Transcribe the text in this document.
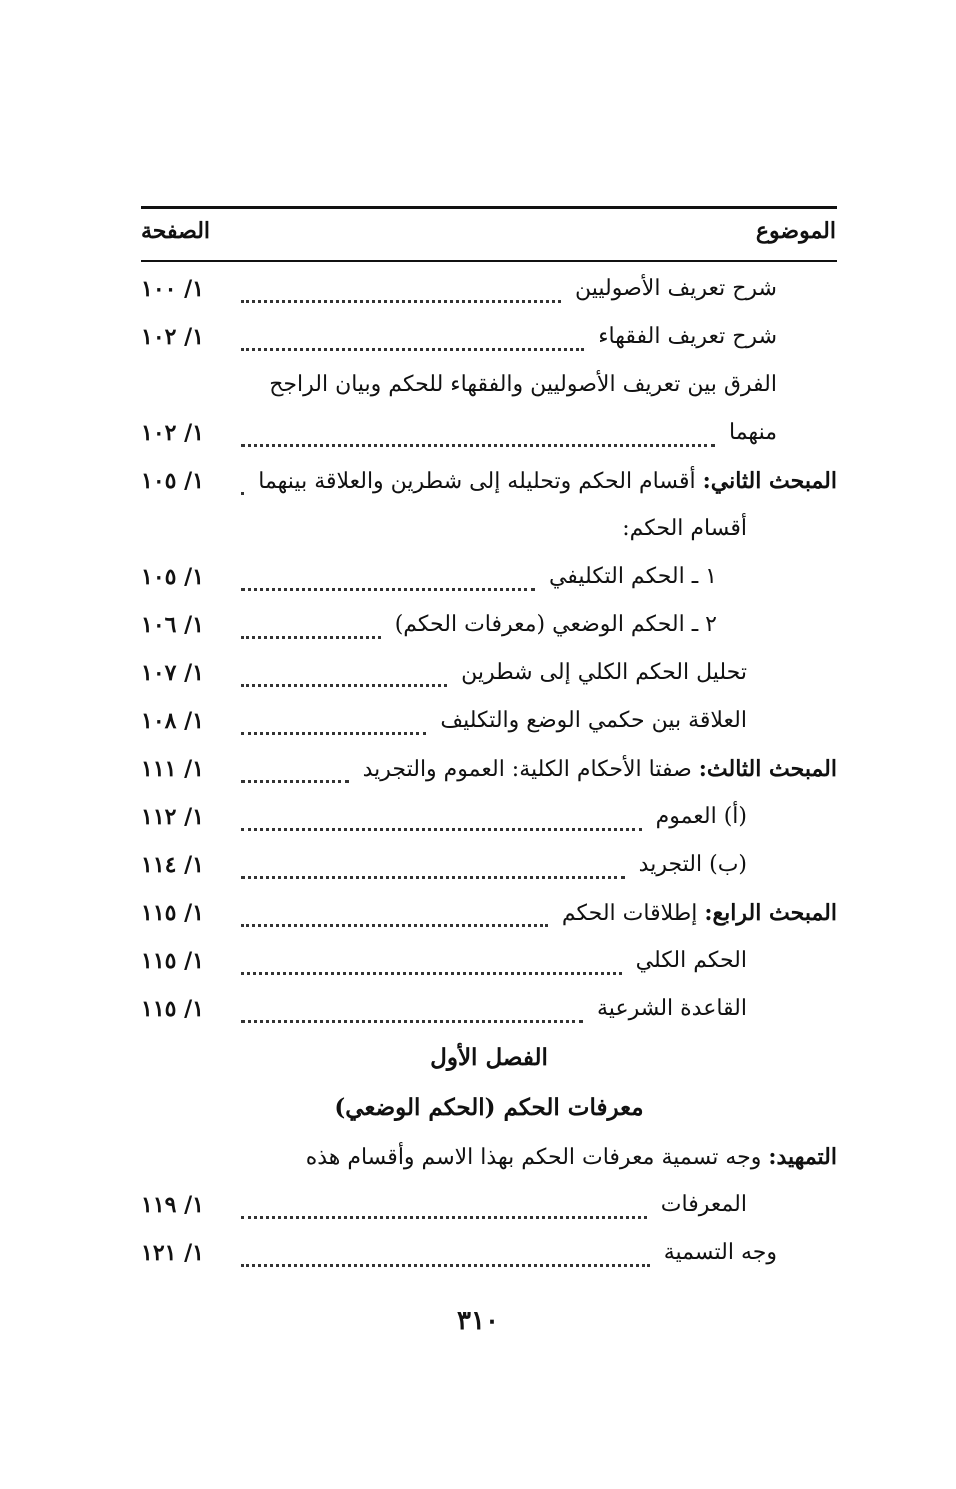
الموضوع
الصفحة
شرح تعريف الأصوليين
١/ ١٠٠
شرح تعريف الفقهاء
١/ ١٠٢
الفرق بين تعريف الأصوليين والفقهاء للحكم وبيان الراجح
منهما
١/ ١٠٢
المبحث الثاني: أقسام الحكم وتحليله إلى شطرين والعلاقة بينهما
١/ ١٠٥
أقسام الحكم:
١ ـ الحكم التكليفي
١/ ١٠٥
٢ ـ الحكم الوضعي (معرفات الحكم)
١/ ١٠٦
تحليل الحكم الكلي إلى شطرين
١/ ١٠٧
العلاقة بين حكمي الوضع والتكليف
١/ ١٠٨
المبحث الثالث: صفتا الأحكام الكلية: العموم والتجريد
١/ ١١١
(أ) العموم
١/ ١١٢
(ب) التجريد
١/ ١١٤
المبحث الرابع: إطلاقات الحكم
١/ ١١٥
الحكم الكلي
١/ ١١٥
القاعدة الشرعية
١/ ١١٥
الفصل الأول
معرفات الحكم (الحكم الوضعي)
التمهيد: وجه تسمية معرفات الحكم بهذا الاسم وأقسام هذه
المعرفات
١/ ١١٩
وجه التسمية
١/ ١٢١
٣١٠
